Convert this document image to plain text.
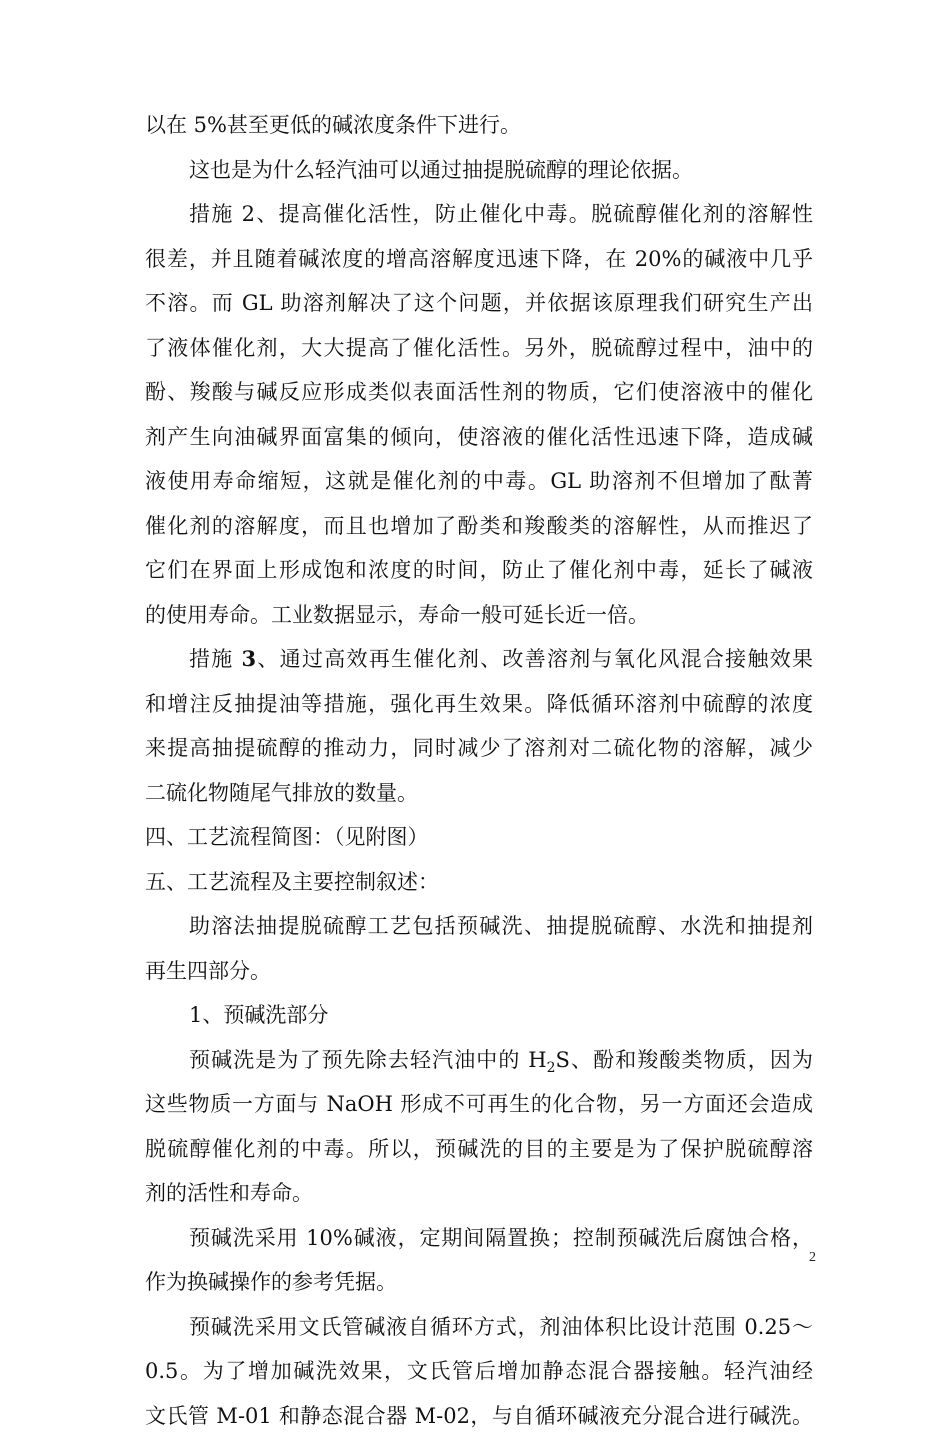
以在 5%甚至更低的碱浓度条件下进行。
这也是为什么轻汽油可以通过抽提脱硫醇的理论依据。
措施 2、提高催化活性，防止催化中毒。脱硫醇催化剂的溶解性
很差，并且随着碱浓度的增高溶解度迅速下降，在 20%的碱液中几乎
不溶。而 GL 助溶剂解决了这个问题，并依据该原理我们研究生产出
了液体催化剂，大大提高了催化活性。另外，脱硫醇过程中，油中的
酚、羧酸与碱反应形成类似表面活性剂的物质，它们使溶液中的催化
剂产生向油碱界面富集的倾向，使溶液的催化活性迅速下降，造成碱
液使用寿命缩短，这就是催化剂的中毒。GL 助溶剂不但增加了酞菁
催化剂的溶解度，而且也增加了酚类和羧酸类的溶解性，从而推迟了
它们在界面上形成饱和浓度的时间，防止了催化剂中毒，延长了碱液
的使用寿命。工业数据显示，寿命一般可延长近一倍。
措施 3、通过高效再生催化剂、改善溶剂与氧化风混合接触效果
和增注反抽提油等措施，强化再生效果。降低循环溶剂中硫醇的浓度
来提高抽提硫醇的推动力，同时减少了溶剂对二硫化物的溶解，减少
二硫化物随尾气排放的数量。
四、工艺流程简图：（见附图）
五、工艺流程及主要控制叙述：
助溶法抽提脱硫醇工艺包括预碱洗、抽提脱硫醇、水洗和抽提剂
再生四部分。
1、预碱洗部分
预碱洗是为了预先除去轻汽油中的 $H_2S$、酚和羧酸类物质，因为
这些物质一方面与 NaOH 形成不可再生的化合物，另一方面还会造成
脱硫醇催化剂的中毒。所以，预碱洗的目的主要是为了保护脱硫醇溶
剂的活性和寿命。
预碱洗采用 10%碱液，定期间隔置换；控制预碱洗后腐蚀合格，
作为换碱操作的参考凭据。
预碱洗采用文氏管碱液自循环方式，剂油体积比设计范围 0.25～
0.5。为了增加碱洗效果，文氏管后增加静态混合器接触。轻汽油经
文氏管 M-01 和静态混合器 M-02，与自循环碱液充分混合进行碱洗。
2
